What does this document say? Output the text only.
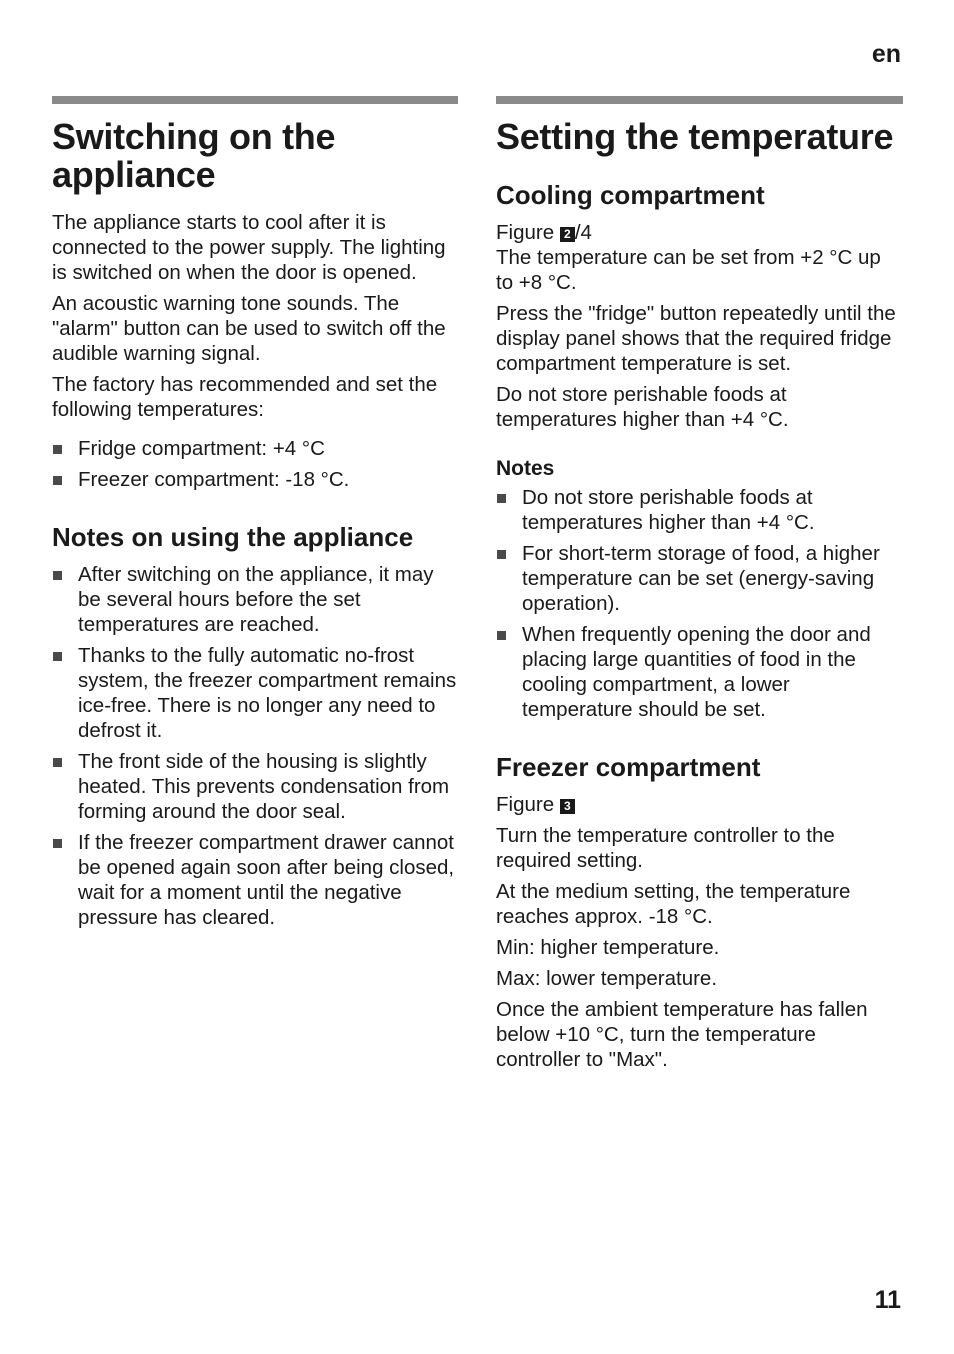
en
Switching on the appliance

The appliance starts to cool after it is connected to the power supply. The lighting is switched on when the door is opened.

An acoustic warning tone sounds. The "alarm" button can be used to switch off the audible warning signal.

The factory has recommended and set the following temperatures:

Fridge compartment: +4 °C
Freezer compartment: -18 °C.
Notes on using the appliance
After switching on the appliance, it may be several hours before the set temperatures are reached.
Thanks to the fully automatic no-frost system, the freezer compartment remains ice-free. There is no longer any need to defrost it.
The front side of the housing is slightly heated. This prevents condensation from forming around the door seal.
If the freezer compartment drawer cannot be opened again soon after being closed, wait for a moment until the negative pressure has cleared.
Setting the temperature
Cooling compartment

Figure 2 /4

The temperature can be set from +2 °C up to +8 °C.

Press the "fridge" button repeatedly until the display panel shows that the required fridge compartment temperature is set.

Do not store perishable foods at temperatures higher than +4 °C.

Notes
Do not store perishable foods at temperatures higher than +4 °C.
For short-term storage of food, a higher temperature can be set (energy-saving operation).
When frequently opening the door and placing large quantities of food in the cooling compartment, a lower temperature should be set.
Freezer compartment

Figure 3

Turn the temperature controller to the required setting.

At the medium setting, the temperature reaches approx. -18 °C.

Min: higher temperature.

Max: lower temperature.

Once the ambient temperature has fallen below +10 °C, turn the temperature controller to "Max".

11
